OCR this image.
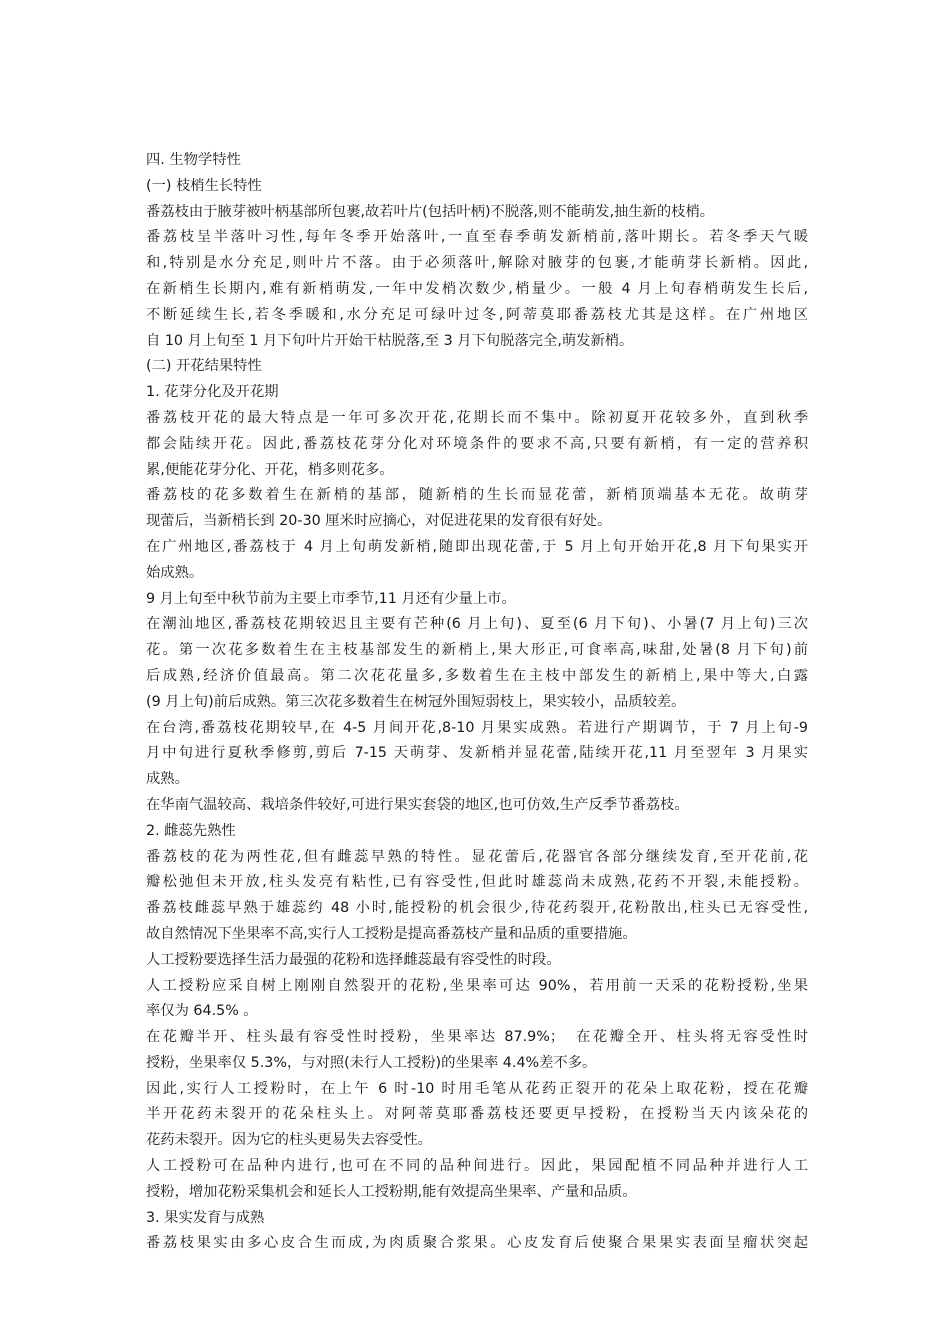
四. 生物学特性
(一) 枝梢生长特性
番荔枝由于腋芽被叶柄基部所包裹,故若叶片(包括叶柄)不脱落,则不能萌发,抽生新的枝梢。
番荔枝呈半落叶习性,每年冬季开始落叶,一直至春季萌发新梢前,落叶期长。若冬季天气暖
和,特别是水分充足,则叶片不落。由于必须落叶,解除对腋芽的包裹,才能萌芽长新梢。因此,
在新梢生长期内,难有新梢萌发,一年中发梢次数少,梢量少。一般 4 月上旬春梢萌发生长后,
不断延续生长,若冬季暖和,水分充足可绿叶过冬,阿蒂莫耶番荔枝尤其是这样。在广州地区
自 10 月上旬至 1 月下旬叶片开始干枯脱落,至 3 月下旬脱落完全,萌发新梢。
(二) 开花结果特性
1. 花芽分化及开花期
番荔枝开花的最大特点是一年可多次开花,花期长而不集中。除初夏开花较多外，直到秋季
都会陆续开花。因此,番荔枝花芽分化对环境条件的要求不高,只要有新梢，有一定的营养积
累,便能花芽分化、开花，梢多则花多。
番荔枝的花多数着生在新梢的基部，随新梢的生长而显花蕾，新梢顶端基本无花。故萌芽
现蕾后，当新梢长到 20-30 厘米时应摘心，对促进花果的发育很有好处。
在广州地区,番荔枝于 4 月上旬萌发新梢,随即出现花蕾,于 5 月上旬开始开花,8 月下旬果实开
始成熟。
9 月上旬至中秋节前为主要上市季节,11 月还有少量上市。
在潮汕地区,番荔枝花期较迟且主要有芒种(6 月上旬)、夏至(6 月下旬)、小暑(7 月上旬)三次
花。第一次花多数着生在主枝基部发生的新梢上,果大形正,可食率高,味甜,处暑(8 月下旬)前
后成熟,经济价值最高。第二次花花量多,多数着生在主枝中部发生的新梢上,果中等大,白露
(9 月上旬)前后成熟。第三次花多数着生在树冠外围短弱枝上，果实较小，品质较差。
在台湾,番荔枝花期较早,在 4-5 月间开花,8-10 月果实成熟。若进行产期调节，于 7 月上旬-9
月中旬进行夏秋季修剪,剪后 7-15 天萌芽、发新梢并显花蕾,陆续开花,11 月至翌年 3 月果实
成熟。
在华南气温较高、栽培条件较好,可进行果实套袋的地区,也可仿效,生产反季节番荔枝。
2. 雌蕊先熟性
番荔枝的花为两性花,但有雌蕊早熟的特性。显花蕾后,花器官各部分继续发育,至开花前,花
瓣松弛但未开放,柱头发亮有粘性,已有容受性,但此时雄蕊尚未成熟,花药不开裂,未能授粉。
番荔枝雌蕊早熟于雄蕊约 48 小时,能授粉的机会很少,待花药裂开,花粉散出,柱头已无容受性,
故自然情况下坐果率不高,实行人工授粉是提高番荔枝产量和品质的重要措施。
人工授粉要选择生活力最强的花粉和选择雌蕊最有容受性的时段。
人工授粉应采自树上刚刚自然裂开的花粉,坐果率可达 90%，若用前一天采的花粉授粉,坐果
率仅为 64.5% 。
在花瓣半开、柱头最有容受性时授粉，坐果率达 87.9%；　在花瓣全开、柱头将无容受性时
授粉，坐果率仅 5.3%，与对照(未行人工授粉)的坐果率 4.4%差不多。
因此,实行人工授粉时，在上午 6 时-10 时用毛笔从花药正裂开的花朵上取花粉，授在花瓣
半开花药未裂开的花朵柱头上。对阿蒂莫耶番荔枝还要更早授粉，在授粉当天内该朵花的
花药未裂开。因为它的柱头更易失去容受性。
人工授粉可在品种内进行,也可在不同的品种间进行。因此，果园配植不同品种并进行人工
授粉，增加花粉采集机会和延长人工授粉期,能有效提高坐果率、产量和品质。
3. 果实发育与成熟
番荔枝果实由多心皮合生而成,为肉质聚合浆果。心皮发育后使聚合果果实表面呈瘤状突起
